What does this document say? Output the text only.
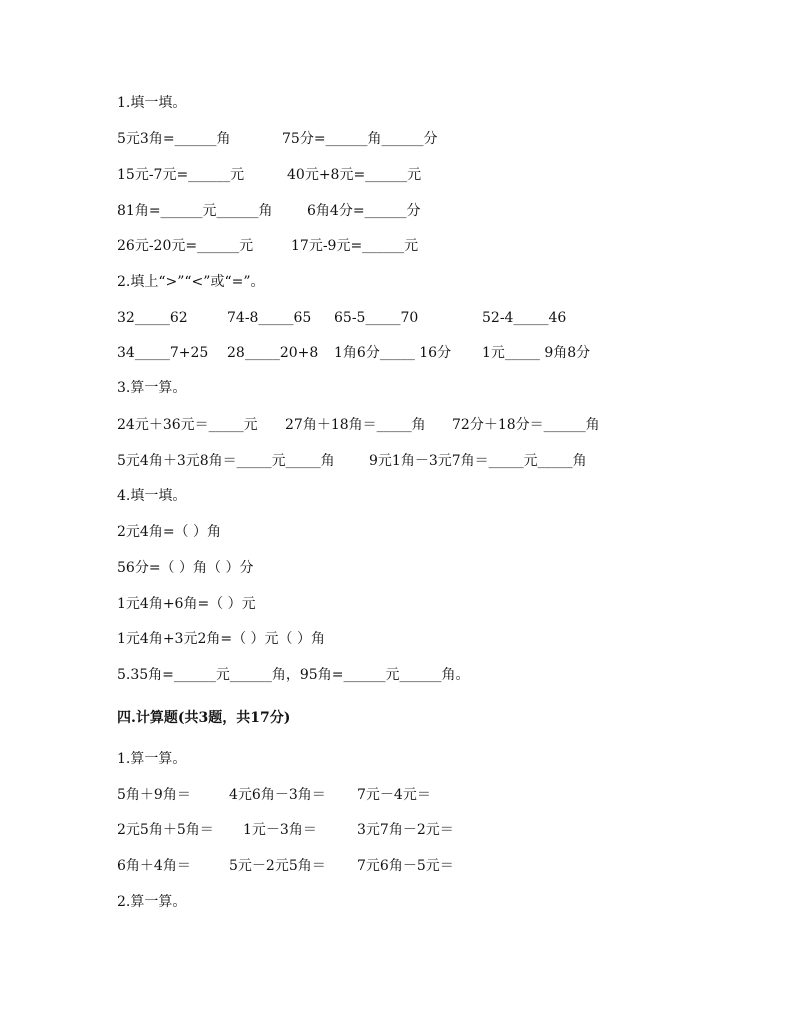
1.填一填。
5元3角=______角	75分=______角______分
15元-7元=______元	40元+8元=______元
81角=______元______角 6角4分=______分
26元-20元=______元	17元-9元=______元
2.填上“>”“<”或“=”。
32_____62	74-8_____65 65-5_____70	52-4_____46
34_____7+25 28_____20+8 1角6分_____ 16分 1元_____ 9角8分
3.算一算。
24元＋36元＝_____元 27角＋18角＝_____角 72分＋18分＝______角
5元4角＋3元8角＝_____元_____角 9元1角－3元7角＝_____元_____角
4.填一填。
2元4角=（ ）角
56分=（ ）角（ ）分
1元4角+6角=（ ）元
1元4角+3元2角=（ ）元（ ）角
5.35角=______元______角，95角=______元______角。
四.计算题(共3题，共17分)
1.算一算。
5角＋9角＝	4元6角－3角＝ 7元－4元＝
2元5角＋5角＝ 1元－3角＝	3元7角－2元＝
6角＋4角＝	5元－2元5角＝ 7元6角－5元＝
2.算一算。
